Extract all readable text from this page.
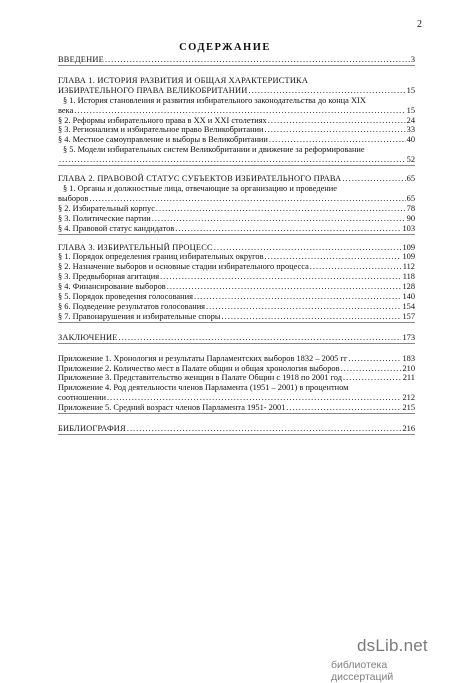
2
СОДЕРЖАНИЕ
ВВЕДЕНИЕ .....	3
ГЛАВА 1. ИСТОРИЯ РАЗВИТИЯ И ОБЩАЯ ХАРАКТЕРИСТИКА
ИЗБИРАТЕЛЬНОГО ПРАВА ВЕЛИКОБРИТАНИИ .....	15
§ 1. История становления и развития избирательного законодательства до конца XIX
века .....	15
§ 2. Реформы избирательного права в XX и XXI столетиях .....	24
§ 3. Регионализм и избирательное право Великобритании .....	33
§ 4. Местное самоуправление и выборы в Великобритании .....	40
§ 5. Модели избирательных систем Великобритании и движение за реформирование
.....
52
ГЛАВА 2. ПРАВОВОЙ СТАТУС СУБЪЕКТОВ ИЗБИРАТЕЛЬНОГО ПРАВА .....	65
§ 1. Органы и должностные лица, отвечающие за организацию и проведение
выборов .....	65
§ 2. Избирательный корпус .....	78
§ 3. Политические партии .....	90
§ 4. Правовой статус кандидатов .....	103
ГЛАВА 3. ИЗБИРАТЕЛЬНЫЙ ПРОЦЕСС .....	109
§ 1. Порядок определения границ избирательных округов .....	109
§ 2. Назначение выборов и основные стадии избирательного процесса .....	112
§ 3. Предвыборная агитация .....	118
§ 4. Финансирование выборов .....	128
§ 5. Порядок проведения голосования .....	140
§ 6. Подведение результатов голосования .....	154
§ 7. Правонарушения и избирательные споры .....	157
ЗАКЛЮЧЕНИЕ .....	173
Приложение 1. Хронология и результаты Парламентских выборов 1832 – 2005 гг .....	183
Приложение 2. Количество мест в Палате общин и общая хронология выборов .....	210
Приложение 3. Представительство женщин в Палате Общин с 1918 по 2001 год .....	211
Приложение 4. Род деятельности членов Парламента (1951 – 2001) в процентном
соотношении .....	212
Приложение 5. Средний возраст членов Парламента 1951- 2001 .....	215
БИБЛИОГРАФИЯ .....	216
dsLib.net
библиотека диссертаций
